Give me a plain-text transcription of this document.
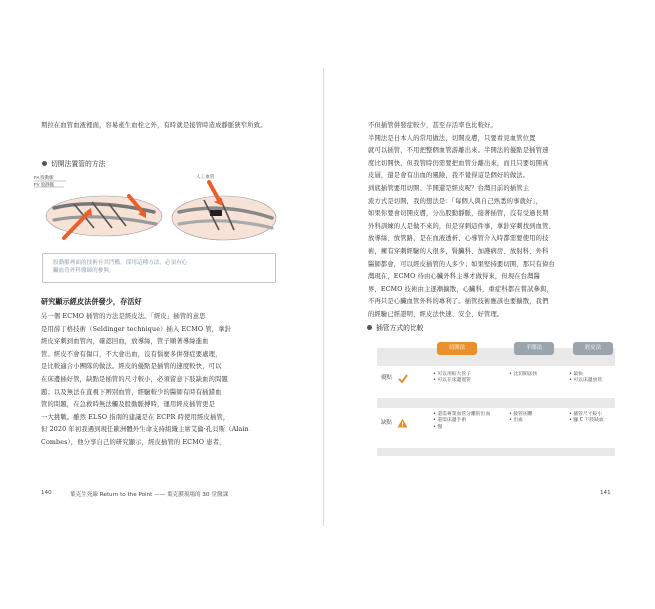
期拉在血管血液裡面，容易產生血栓之外，有時就是接管時造成靜脈狹窄所致。

切開法置管的方法
FA 股動脈
FV 股靜脈
人工血管
股動脈裡面的技術有其門檻，採用這種方法，必須有心
臟血管外科醫師的參與。
研究顯示經皮法併發少，存活好

另一個 ECMO 插管的方法是經皮法。「經皮」插管的意思

是用薛丁格技術（Seldinger technique）插入 ECMO 管，拿針

經皮穿刺到血管內，確認回血，放導絲，管子順著導絲進血

管。經皮不會有傷口，不大會出血，沒有惱麼多併發症要處理，

是比較適合小團隊的做法。經皮的優點是插管的速度較快，可以

在床邊插好管，缺點是插管的尺寸較小，必須留意下肢缺血的問題

題；以及無法在直視下辨別血管，經驗較少的醫師有時有插錯血

管的問題，在急救時無法觸及股動脈搏時，運用經皮插管更是

一大挑戰。雖然 ELSO 指南的建議是在 ECPR 時使用經皮插管，

但 2020 年初我遇到現任歐洲體外生命支持組織主席艾倫·孔貝斯（Alain

Combes），他分享自己的研究顯示，經皮插管的 ECMO 患者，

140	葉克生死線 Return to the Point —— 葉克膜現場的 30 堂醫課

不但插管併發症較少，甚至存活率也比較好。

半開法是日本人的常用做法，切開皮膚，只要看見血管位置

就可以插管，不用把整個血管游離出來。半開法的優點是插管速

度比切開快，但我管時仍需要把血管分離出來，而且只要切開真

皮層，還是會有出血的風險，我不覺得這是個好的做法。

到底插管要用切開、半開還是經皮呢？台灣目前的插管主

流方式是切開，我的想法是：「每個人與自己熟悉的事就好」，

如果你要會切開皮膚，分出股動靜脈，接著插管，沒有受過長期

外科訓練的人是做不來的，但是穿刺這件事，拿針穿刺找到血管、

放導絲、放管路，是在血液透析、心導管介入時都需要使用的技

術，擁有穿刺經驗的人很多，腎臟科、加護病房、放射科、外科

醫師都會，可以經皮插管的人多少；如果堅持要切開，那只有偉台

灣現在，ECMO 待由心臟外科主導才做得來，但現在台灣醫

界，ECMO 技術由主逐漸擴散，心臟科，重症科都在嘗試參與，

不再只是心臟血管外科的專利了。插管技術應該也要擴散，我們

的經驗已經證明，經皮法快速、安全、好管理。

插管方式的比較
切開法	半開法	經皮法
優點
缺點
• 可以用較大管子
• 可以在床邊置管
• 比切開法快
•	最快
• 可以床邊放管
• 還需專業血管分離的出血
• 還需床邊手術
• 慢
• 接管困難
• 出血
• 插管尺寸較小
• 腳 C 下肢缺血
141
